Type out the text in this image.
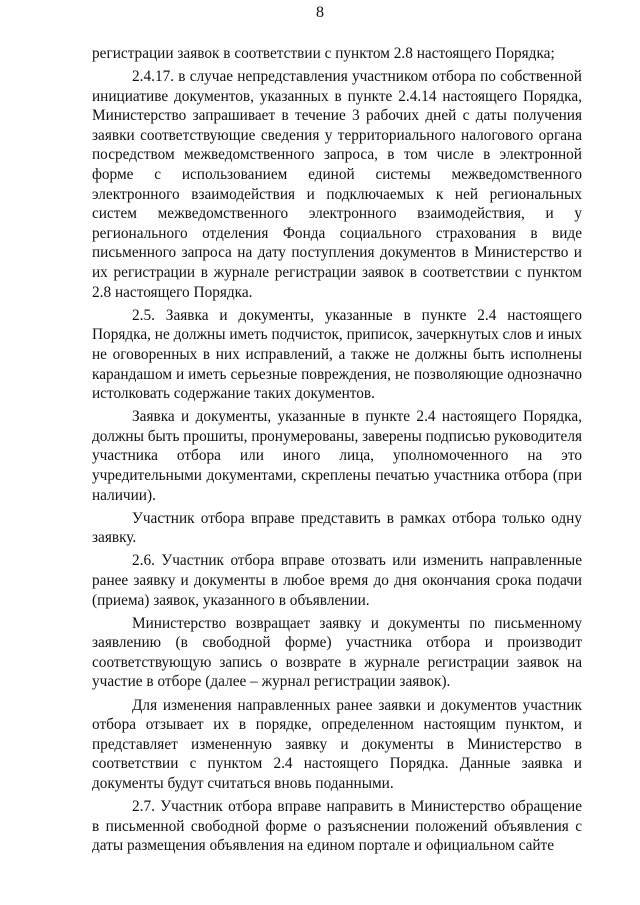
8

регистрации заявок в соответствии с пунктом 2.8 настоящего Порядка;

2.4.17. в случае непредставления участником отбора по собственной инициативе документов, указанных в пункте 2.4.14 настоящего Порядка, Министерство запрашивает в течение 3 рабочих дней с даты получения заявки соответствующие сведения у территориального налогового органа посредством межведомственного запроса, в том числе в электронной форме с использованием единой системы межведомственного электронного взаимодействия и подключаемых к ней региональных систем межведомственного электронного взаимодействия, и у регионального отделения Фонда социального страхования в виде письменного запроса на дату поступления документов в Министерство и их регистрации в журнале регистрации заявок в соответствии с пунктом 2.8 настоящего Порядка.

2.5. Заявка и документы, указанные в пункте 2.4 настоящего Порядка, не должны иметь подчисток, приписок, зачеркнутых слов и иных не оговоренных в них исправлений, а также не должны быть исполнены карандашом и иметь серьезные повреждения, не позволяющие однозначно истолковать содержание таких документов.

Заявка и документы, указанные в пункте 2.4 настоящего Порядка, должны быть прошиты, пронумерованы, заверены подписью руководителя участника отбора или иного лица, уполномоченного на это учредительными документами, скреплены печатью участника отбора (при наличии).

Участник отбора вправе представить в рамках отбора только одну заявку.

2.6. Участник отбора вправе отозвать или изменить направленные ранее заявку и документы в любое время до дня окончания срока подачи (приема) заявок, указанного в объявлении.

Министерство возвращает заявку и документы по письменному заявлению (в свободной форме) участника отбора и производит соответствующую запись о возврате в журнале регистрации заявок на участие в отборе (далее – журнал регистрации заявок).

Для изменения направленных ранее заявки и документов участник отбора отзывает их в порядке, определенном настоящим пунктом, и представляет измененную заявку и документы в Министерство в соответствии с пунктом 2.4 настоящего Порядка. Данные заявка и документы будут считаться вновь поданными.

2.7. Участник отбора вправе направить в Министерство обращение в письменной свободной форме о разъяснении положений объявления с даты размещения объявления на едином портале и официальном сайте
